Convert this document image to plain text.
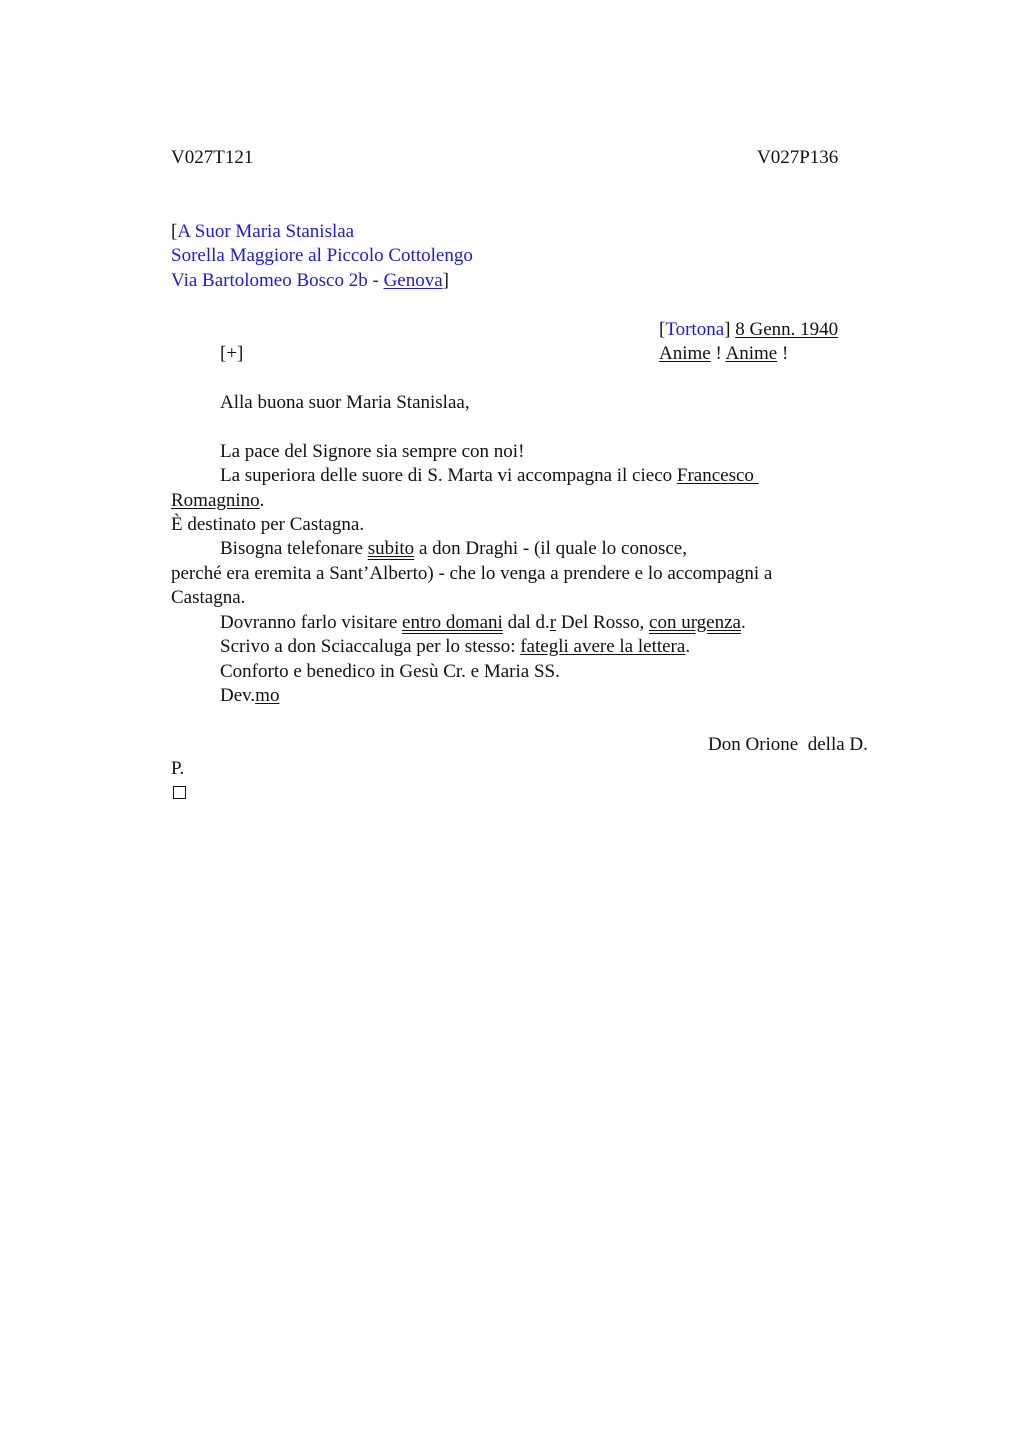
V027T121	V027P136
[A Suor Maria Stanislaa
Sorella Maggiore al Piccolo Cottolengo
Via Bartolomeo Bosco 2b - Genova]
[Tortona] 8 Genn. 1940
[+]	Anime ! Anime !
Alla buona suor Maria Stanislaa,
La pace del Signore sia sempre con noi!
La superiora delle suore di S. Marta vi accompagna il cieco Francesco
Romagnino.
È destinato per Castagna.
Bisogna telefonare subito a don Draghi - (il quale lo conosce,
perché era eremita a Sant’Alberto) - che lo venga a prendere e lo accompagni a
Castagna.
Dovranno farlo visitare entro domani dal d.r Del Rosso, con urgenza.
Scrivo a don Sciaccaluga per lo stesso: fategli avere la lettera.
Conforto e benedico in Gesù Cr. e Maria SS.
Dev.mo
Don Orione  della D.
P.
